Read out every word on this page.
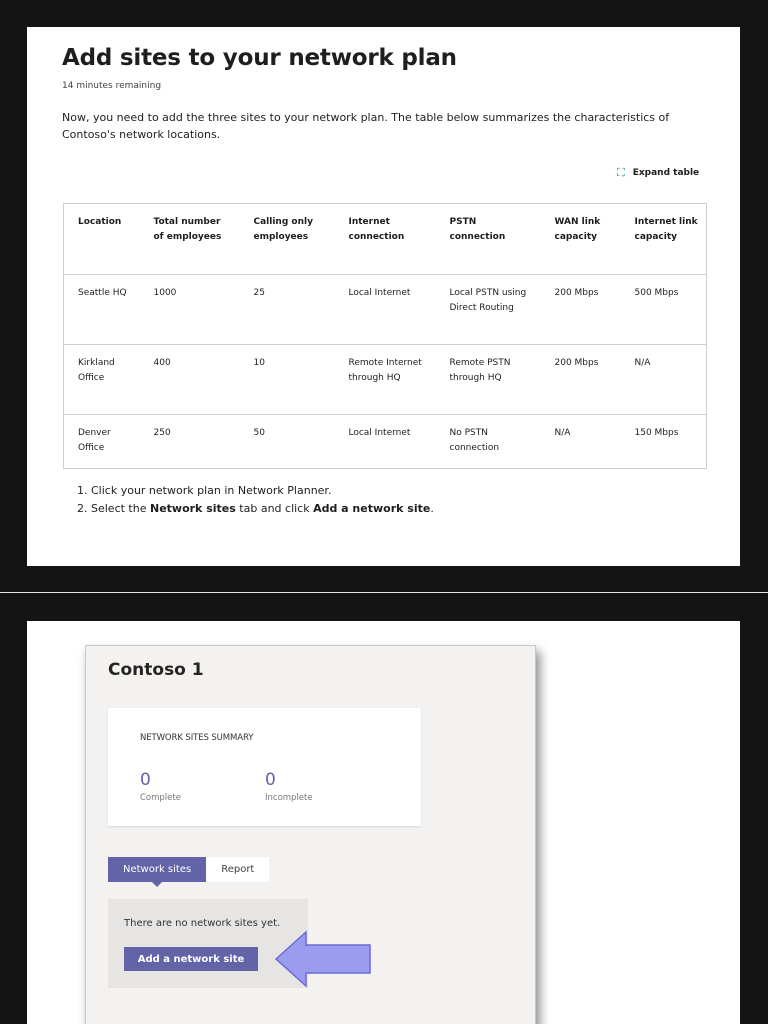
Add sites to your network plan
14 minutes remaining

Now, you need to add the three sites to your network plan. The table below summarizes the characteristics of Contoso's network locations.

⛶ Expand table
Location	Total number of employees	Calling only employees	Internet connection	PSTN connection	WAN link capacity	Internet link capacity
Seattle HQ	1000	25	Local Internet	Local PSTN using Direct Routing	200 Mbps	500 Mbps
Kirkland Office	400	10	Remote Internet through HQ	Remote PSTN through HQ	200 Mbps	N/A
Denver Office	250	50	Local Internet	No PSTN connection	N/A	150 Mbps
1. Click your network plan in Network Planner.
2. Select the Network sites tab and click Add a network site.
Contoso 1
NETWORK SITES SUMMARY
0
Complete
0
Incomplete
Network sites	Report
There are no network sites yet.
Add a network site
